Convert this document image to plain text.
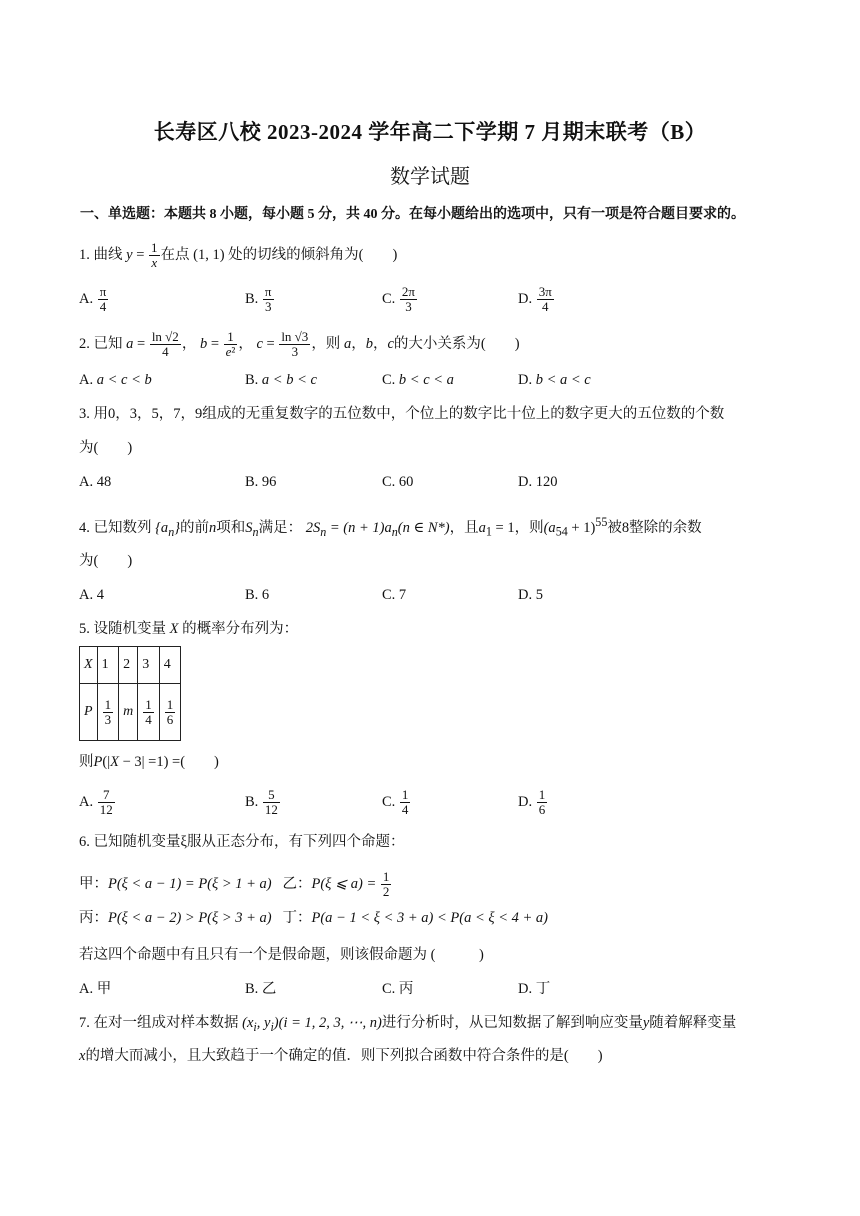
长寿区八校 2023-2024 学年高二下学期 7 月期末联考（B）
数学试题
一、单选题：本题共 8 小题，每小题 5 分，共 40 分。在每小题给出的选项中，只有一项是符合题目要求的。
1. 曲线 $y = \frac{1}{x}$ 在点 (1, 1) 处的切线的倾斜角为(　　)
A. $\frac{\pi}{4}$	B. $\frac{\pi}{3}$	C. $\frac{2\pi}{3}$	D. $\frac{3\pi}{4}$
2. 已知 $a = \frac{\ln √2}{4}$ ， $b = \frac{1}{\text{e²}}$ ， $c = \frac{\ln √3}{3}$ ，则 a，b，c的大小关系为(　　)
A. a < c < b	B. a < b < c	C. b < c < a	D. b < a < c
3. 用0，3，5，7，9组成的无重复数字的五位数中，个位上的数字比十位上的数字更大的五位数的个数
为(　　)
A. 48	B. 96	C. 60	D. 120
4. 已知数列 $\{a_n\}$的前n项和$S_n$满足： $2S_n = (n + 1)a_n(n$ ∈ N*)，且$a_1 = 1$，则$(a_{54} + 1)^{55}$被8整除的余数
为(　　)
A. 4	B. 6	C. 7	D. 5
5. 设随机变量 X 的概率分布列为：
X	1	2	3	4
P	$\frac{1}{3}$	m	$\frac{1}{4}$	$\frac{1}{6}$
则P(|X − 3| =1) =(　　)
A. $\frac{7}{12}$	B. $\frac{5}{12}$	C. $\frac{1}{4}$	D. $\frac{1}{6}$
6. 已知随机变量ξ服从正态分布，有下列四个命题：
甲：P(ξ < a − 1) = P(ξ > 1 + a) 乙：P(ξ ⩽ $a) = \frac{1}{2}$
丙：P(ξ < a − 2) > P(ξ > 3 + a) 丁：P(a − 1 < ξ < 3 + a) < P(a < ξ < 4 + a)
若这四个命题中有且只有一个是假命题，则该假命题为 (　　　)
A. 甲	B. 乙	C. 丙	D. 丁
7. 在对一组成对样本数据 ($x_i$, $y_i)(i = 1$, 2, 3, ⋯, n)进行分析时，从已知数据了解到响应变量y随着解释变量
x的增大而减小，且大致趋于一个确定的值．则下列拟合函数中符合条件的是(　　)
